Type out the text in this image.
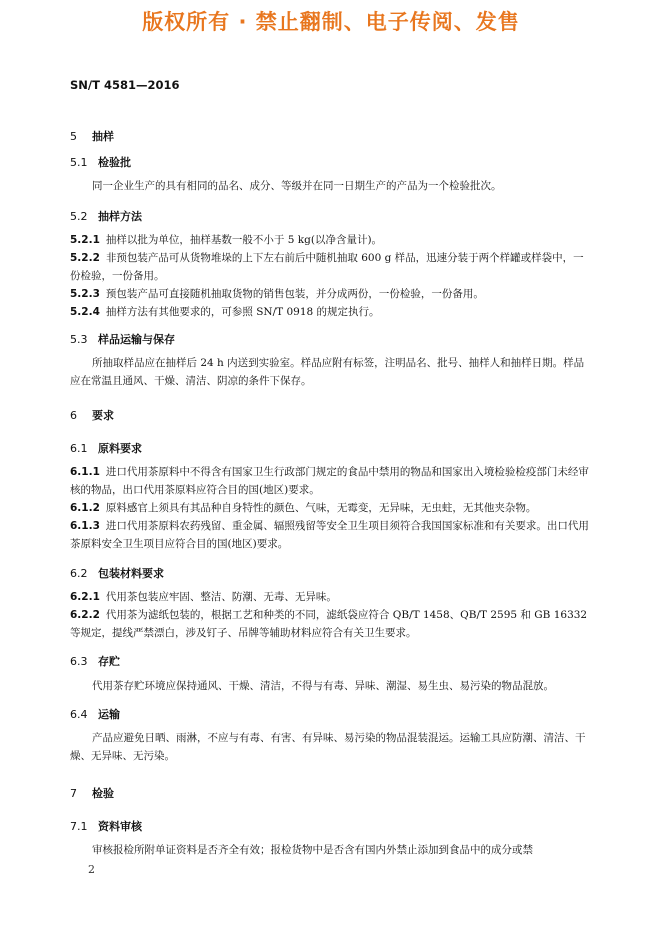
版权所有 · 禁止翻制、电子传阅、发售
SN/T 4581—2016
5 抽样
5.1 检验批
同一企业生产的具有相同的品名、成分、等级并在同一日期生产的产品为一个检验批次。
5.2 抽样方法
5.2.1 抽样以批为单位，抽样基数一般不小于 5 kg(以净含量计)。
5.2.2 非预包装产品可从货物堆垛的上下左右前后中随机抽取 600 g 样品，迅速分装于两个样罐或样袋中，一份检验，一份备用。
5.2.3 预包装产品可直接随机抽取货物的销售包装，并分成两份，一份检验，一份备用。
5.2.4 抽样方法有其他要求的，可参照 SN/T 0918 的规定执行。
5.3 样品运输与保存
所抽取样品应在抽样后 24 h 内送到实验室。样品应附有标签，注明品名、批号、抽样人和抽样日期。样品应在常温且通风、干燥、清洁、阴凉的条件下保存。
6 要求
6.1 原料要求
6.1.1 进口代用茶原料中不得含有国家卫生行政部门规定的食品中禁用的物品和国家出入境检验检疫部门未经审核的物品，出口代用茶原料应符合目的国(地区)要求。
6.1.2 原料感官上须具有其品种自身特性的颜色、气味，无霉变，无异味，无虫蛀，无其他夹杂物。
6.1.3 进口代用茶原料农药残留、重金属、辐照残留等安全卫生项目须符合我国国家标准和有关要求。出口代用茶原料安全卫生项目应符合目的国(地区)要求。
6.2 包装材料要求
6.2.1 代用茶包装应牢固、整洁、防潮、无毒、无异味。
6.2.2 代用茶为滤纸包装的，根据工艺和种类的不同，滤纸袋应符合 QB/T 1458、QB/T 2595 和 GB 16332等规定，提线严禁漂白，涉及钉子、吊牌等辅助材料应符合有关卫生要求。
6.3 存贮
代用茶存贮环境应保持通风、干燥、清洁，不得与有毒、异味、潮湿、易生虫、易污染的物品混放。
6.4 运输
产品应避免日晒、雨淋，不应与有毒、有害、有异味、易污染的物品混装混运。运输工具应防潮、清洁、干燥、无异味、无污染。
7 检验
7.1 资料审核
审核报检所附单证资料是否齐全有效；报检货物中是否含有国内外禁止添加到食品中的成分或禁
2
